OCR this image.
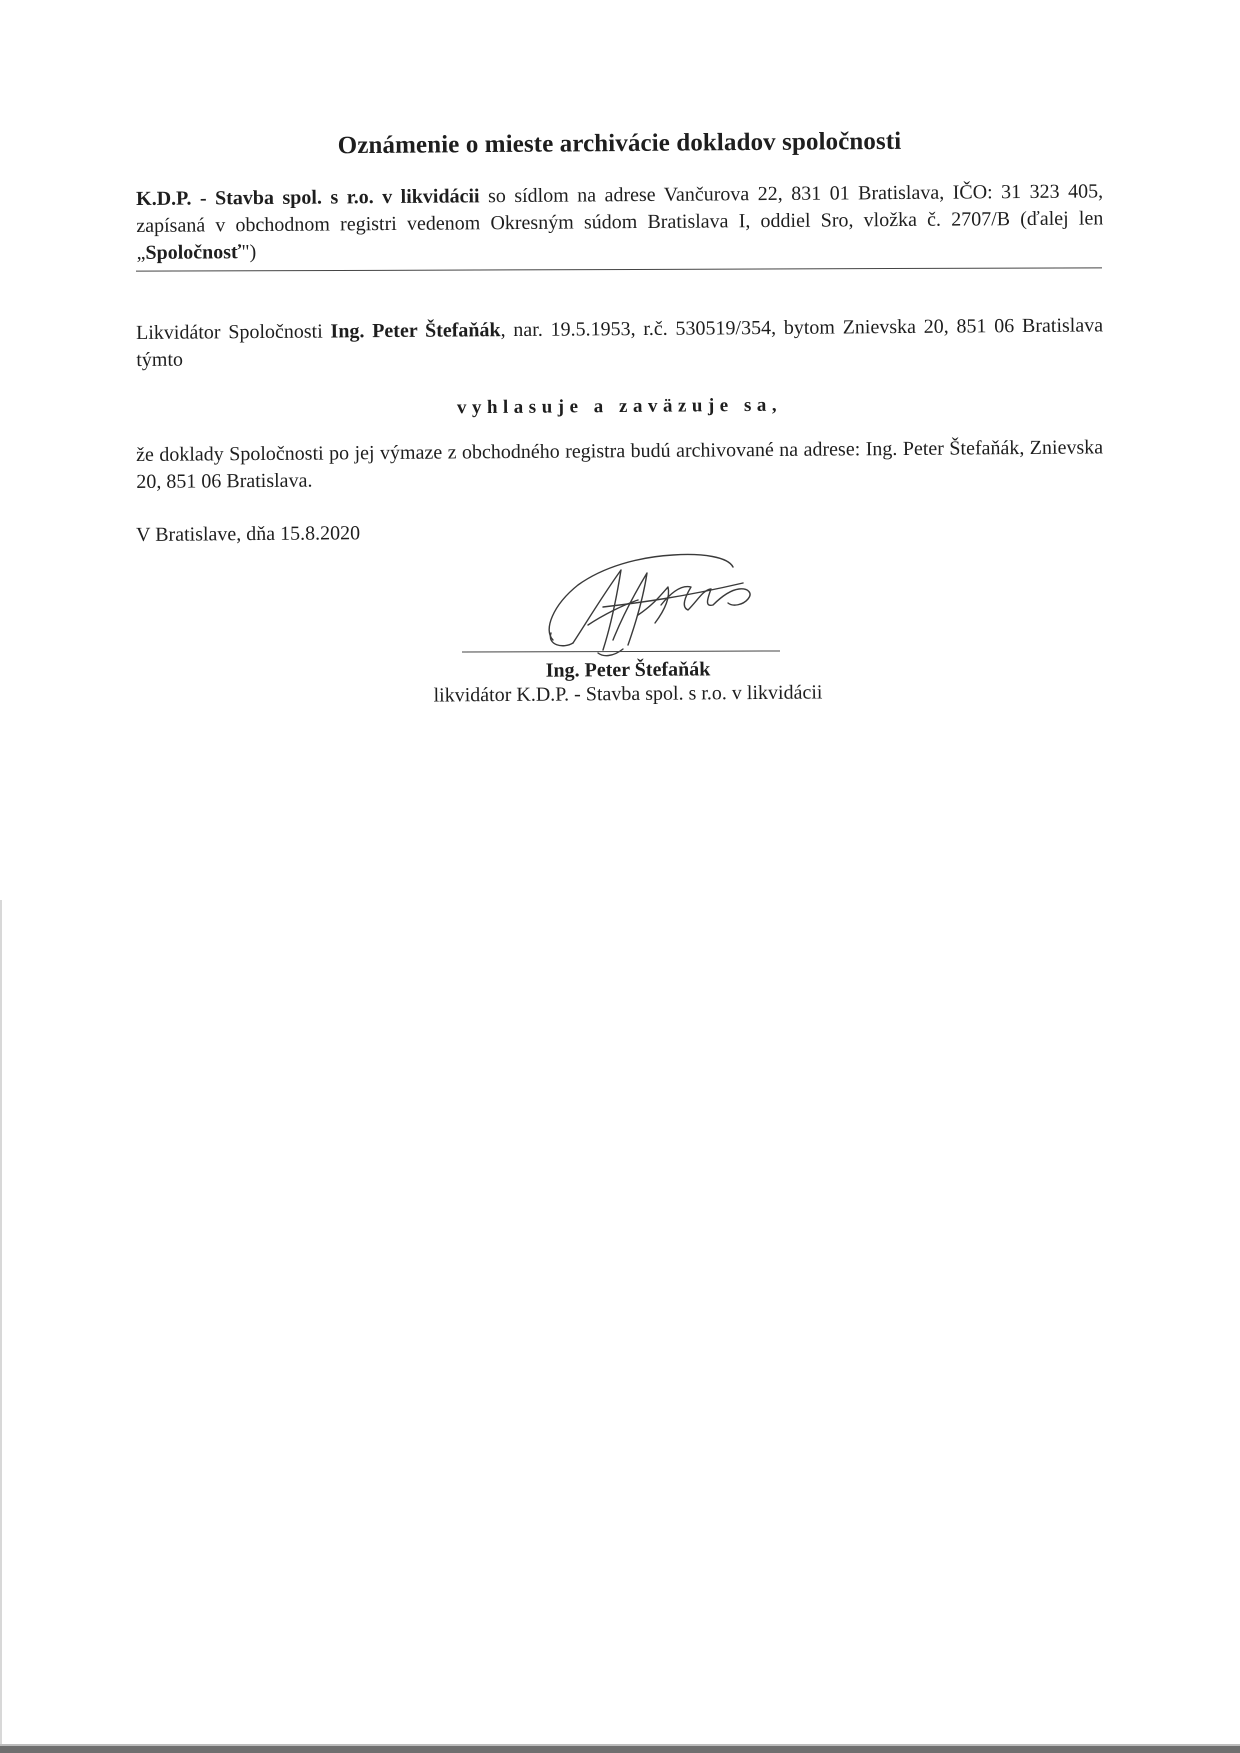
Oznámenie o mieste archivácie dokladov spoločnosti

K.D.P. - Stavba spol. s r.o. v likvidácii so sídlom na adrese Vančurova 22, 831 01 Bratislava, IČO: 31 323 405, zapísaná v obchodnom registri vedenom Okresným súdom Bratislava I, oddiel Sro, vložka č. 2707/B (ďalej len „Spoločnosť")

Likvidátor Spoločnosti Ing. Peter Štefaňák, nar. 19.5.1953, r.č. 530519/354, bytom Znievska 20, 851 06 Bratislava týmto

vyhlasuje a zaväzuje sa,

že doklady Spoločnosti po jej výmaze z obchodného registra budú archivované na adrese: Ing. Peter Štefaňák, Znievska 20, 851 06 Bratislava.

V Bratislave, dňa 15.8.2020
Ing. Peter Štefaňák
likvidátor K.D.P. - Stavba spol. s r.o. v likvidácii
